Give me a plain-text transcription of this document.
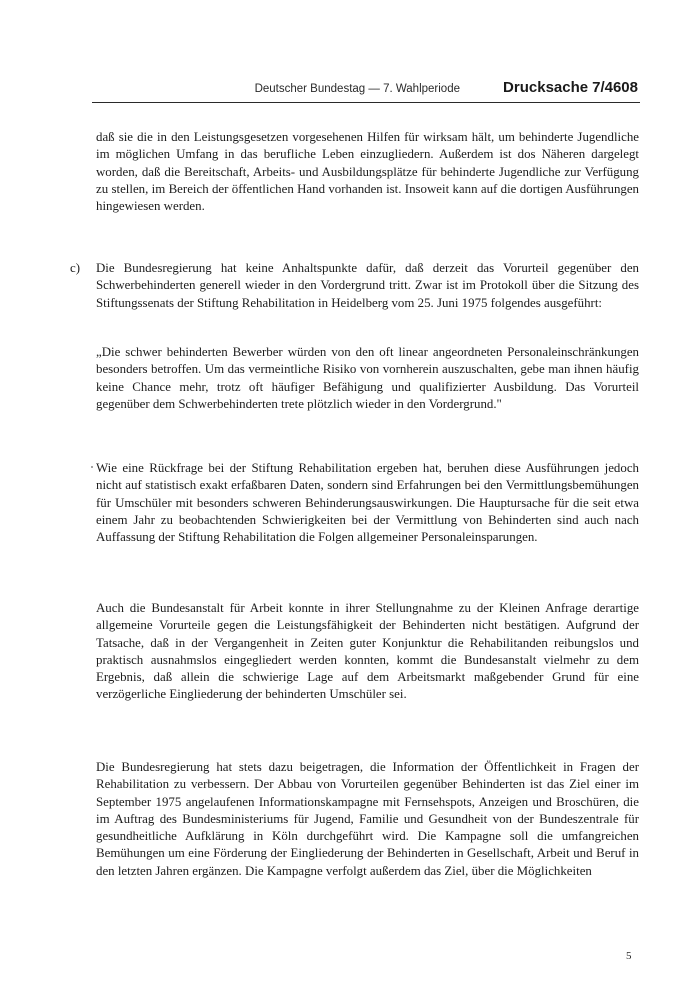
Deutscher Bundestag — 7. Wahlperiode	Drucksache 7/4608

daß sie die in den Leistungsgesetzen vorgesehenen Hilfen für wirksam hält, um behinderte Jugendliche im möglichen Umfang in das berufliche Leben einzugliedern. Außerdem ist dos Näheren dargelegt worden, daß die Bereitschaft, Arbeits- und Ausbildungsplätze für behinderte Jugendliche zur Verfügung zu stellen, im Bereich der öffentlichen Hand vorhanden ist. Insoweit kann auf die dortigen Ausführungen hingewiesen werden.

c) Die Bundesregierung hat keine Anhaltspunkte dafür, daß derzeit das Vorurteil gegenüber den Schwerbehinderten generell wieder in den Vordergrund tritt. Zwar ist im Protokoll über die Sitzung des Stiftungssenats der Stiftung Rehabilitation in Heidelberg vom 25. Juni 1975 folgendes ausgeführt:

„Die schwer behinderten Bewerber würden von den oft linear angeordneten Personaleinschränkungen besonders betroffen. Um das vermeintliche Risiko von vornherein auszuschalten, gebe man ihnen häufig keine Chance mehr, trotz oft häufiger Befähigung und qualifizierter Ausbildung. Das Vorurteil gegenüber dem Schwerbehinderten trete plötzlich wieder in den Vordergrund."

Wie eine Rückfrage bei der Stiftung Rehabilitation ergeben hat, beruhen diese Ausführungen jedoch nicht auf statistisch exakt erfaßbaren Daten, sondern sind Erfahrungen bei den Vermittlungsbemühungen für Umschüler mit besonders schweren Behinderungsauswirkungen. Die Hauptursache für die seit etwa einem Jahr zu beobachtenden Schwierigkeiten bei der Vermittlung von Behinderten sind auch nach Auffassung der Stiftung Rehabilitation die Folgen allgemeiner Personaleinsparungen.

Auch die Bundesanstalt für Arbeit konnte in ihrer Stellungnahme zu der Kleinen Anfrage derartige allgemeine Vorurteile gegen die Leistungsfähigkeit der Behinderten nicht bestätigen. Aufgrund der Tatsache, daß in der Vergangenheit in Zeiten guter Konjunktur die Rehabilitanden reibungslos und praktisch ausnahmslos eingegliedert werden konnten, kommt die Bundesanstalt vielmehr zu dem Ergebnis, daß allein die schwierige Lage auf dem Arbeitsmarkt maßgebender Grund für eine verzögerliche Eingliederung der behinderten Umschüler sei.

Die Bundesregierung hat stets dazu beigetragen, die Information der Öffentlichkeit in Fragen der Rehabilitation zu verbessern. Der Abbau von Vorurteilen gegenüber Behinderten ist das Ziel einer im September 1975 angelaufenen Informationskampagne mit Fernsehspots, Anzeigen und Broschüren, die im Auftrag des Bundesministeriums für Jugend, Familie und Gesundheit von der Bundeszentrale für gesundheitliche Aufklärung in Köln durchgeführt wird. Die Kampagne soll die umfangreichen Bemühungen um eine Förderung der Eingliederung der Behinderten in Gesellschaft, Arbeit und Beruf in den letzten Jahren ergänzen. Die Kampagne verfolgt außerdem das Ziel, über die Möglichkeiten

5
